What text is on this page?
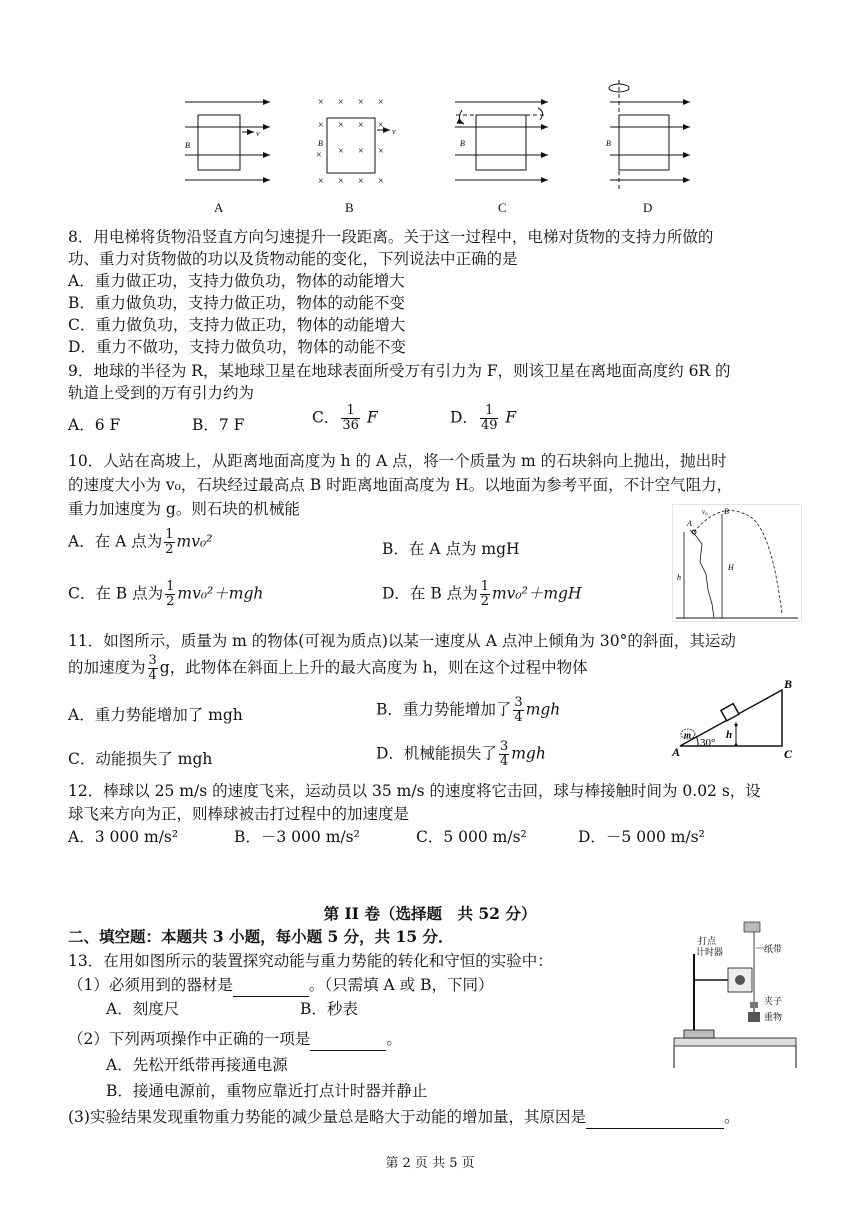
v
B
× × × ×
× × × ×
× × ×
× × × ×
×
v
B	B	B
A	B	C	D
8．用电梯将货物沿竖直方向匀速提升一段距离。关于这一过程中，电梯对货物的支持力所做的
功、重力对货物做的功以及货物动能的变化，下列说法中正确的是
A．重力做正功，支持力做负功，物体的动能增大
B．重力做负功，支持力做正功，物体的动能不变
C．重力做负功，支持力做正功，物体的动能增大
D．重力不做功，支持力做负功，物体的动能不变
9．地球的半径为 R，某地球卫星在地球表面所受万有引力为 F，则该卫星在离地面高度约 6R 的
轨道上受到的万有引力约为
A．6 F	B．7 F	C． $\frac{1}{36}$ F	D． $\frac{1}{49}$ F
10．人站在高坡上，从距离地面高度为 h 的 A 点，将一个质量为 m 的石块斜向上抛出，抛出时
的速度大小为 v₀，石块经过最高点 B 时距离地面高度为 H。以地面为参考平面，不计空气阻力，
重力加速度为 g。则石块的机械能
A．在 A 点为 $\frac{1}{2} mv_0^2$	B．在 A 点为 mgH
C．在 B 点为 $\frac{1}{2} mv_0^2+mgh$	D．在 B 点为 $\frac{1}{2} mv_0^2+mgH$
A
v₀ B
h
H
11．如图所示，质量为 m 的物体(可视为质点)以某一速度从 A 点冲上倾角为 30°的斜面，其运动
的加速度为 $\frac{3}{4}$ g，此物体在斜面上上升的最大高度为 h，则在这个过程中物体
A．重力势能增加了 mgh	B．重力势能增加了 $\frac{3}{4}$ mgh
C．动能损失了 mgh	D．机械能损失了 $\frac{3}{4}$ mgh
h
m
30°
A	C
B
12．棒球以 25 m/s 的速度飞来，运动员以 35 m/s 的速度将它击回，球与棒接触时间为 0.02 s，设
球飞来方向为正，则棒球被击打过程中的加速度是
A．3 000 m/s²	B．－3 000 m/s²	C．5 000 m/s²	D．－5 000 m/s²
第 II 卷（选择题　共 52 分）
二、填空题：本题共 3 小题，每小题 5 分，共 15 分．
13．在用如图所示的装置探究动能与重力势能的转化和守恒的实验中：
（1）必须用到的器材是	。（只需填 A 或 B，下同）
A．刻度尺	B．秒表
（2）下列两项操作中正确的一项是	。
A．先松开纸带再接通电源
B．接通电源前，重物应靠近打点计时器并静止
(3)实验结果发现重物重力势能的减少量总是略大于动能的增加量，其原因是	。
打点
计时器	纸带
夹子
重物
第 2 页 共 5 页
